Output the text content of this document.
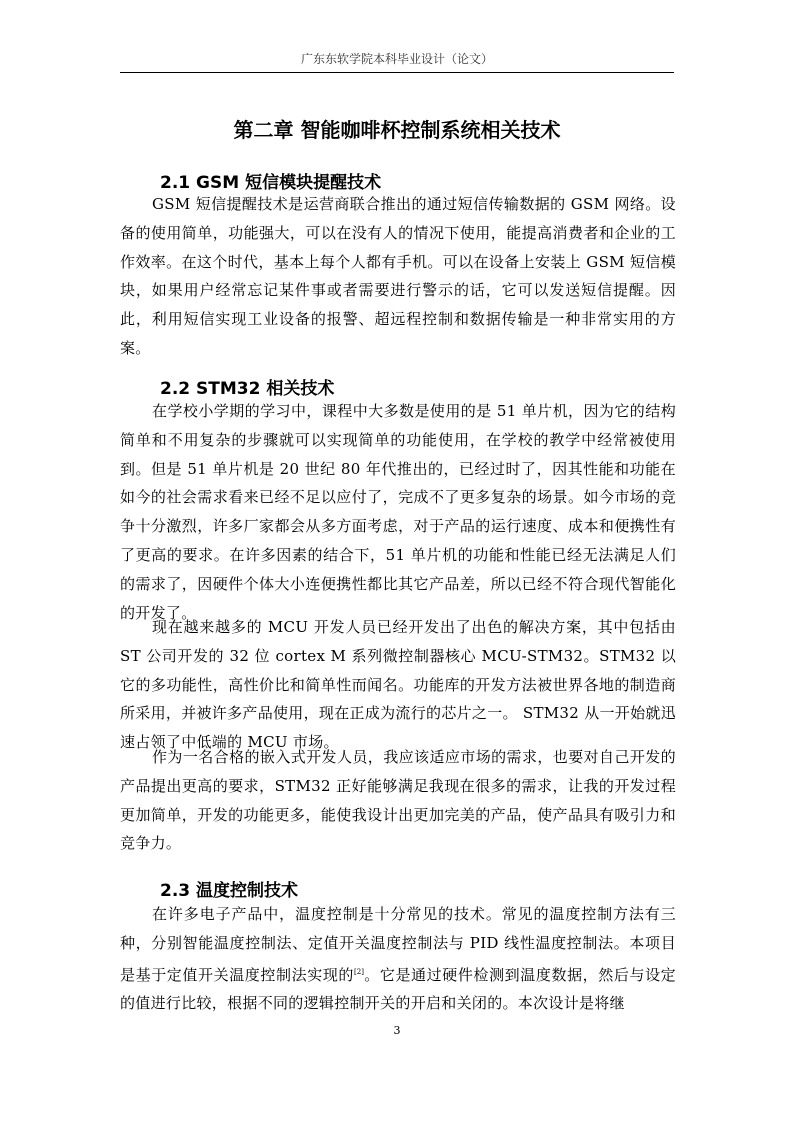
广东东软学院本科毕业设计（论文）
第二章 智能咖啡杯控制系统相关技术
2.1 GSM 短信模块提醒技术

GSM 短信提醒技术是运营商联合推出的通过短信传输数据的 GSM 网络。设备的使用简单，功能强大，可以在没有人的情况下使用，能提高消费者和企业的工作效率。在这个时代，基本上每个人都有手机。可以在设备上安装上 GSM 短信模块，如果用户经常忘记某件事或者需要进行警示的话，它可以发送短信提醒。因此，利用短信实现工业设备的报警、超远程控制和数据传输是一种非常实用的方案。

2.2 STM32 相关技术

在学校小学期的学习中，课程中大多数是使用的是 51 单片机，因为它的结构简单和不用复杂的步骤就可以实现简单的功能使用，在学校的教学中经常被使用到。但是 51 单片机是 20 世纪 80 年代推出的，已经过时了，因其性能和功能在如今的社会需求看来已经不足以应付了，完成不了更多复杂的场景。如今市场的竞争十分激烈，许多厂家都会从多方面考虑，对于产品的运行速度、成本和便携性有了更高的要求。在许多因素的结合下，51 单片机的功能和性能已经无法满足人们的需求了，因硬件个体大小连便携性都比其它产品差，所以已经不符合现代智能化的开发了。

现在越来越多的 MCU 开发人员已经开发出了出色的解决方案，其中包括由 ST 公司开发的 32 位 cortex M 系列微控制器核心 MCU-STM32。STM32 以它的多功能性，高性价比和简单性而闻名。功能库的开发方法被世界各地的制造商所采用，并被许多产品使用，现在正成为流行的芯片之一。 STM32 从一开始就迅速占领了中低端的 MCU 市场。

作为一名合格的嵌入式开发人员，我应该适应市场的需求，也要对自己开发的产品提出更高的要求，STM32 正好能够满足我现在很多的需求，让我的开发过程更加简单，开发的功能更多，能使我设计出更加完美的产品，使产品具有吸引力和竞争力。

2.3 温度控制技术

在许多电子产品中，温度控制是十分常见的技术。常见的温度控制方法有三种，分别智能温度控制法、定值开关温度控制法与 PID 线性温度控制法。本项目是基于定值开关温度控制法实现的[2]。它是通过硬件检测到温度数据，然后与设定的值进行比较，根据不同的逻辑控制开关的开启和关闭的。本次设计是将继

3
